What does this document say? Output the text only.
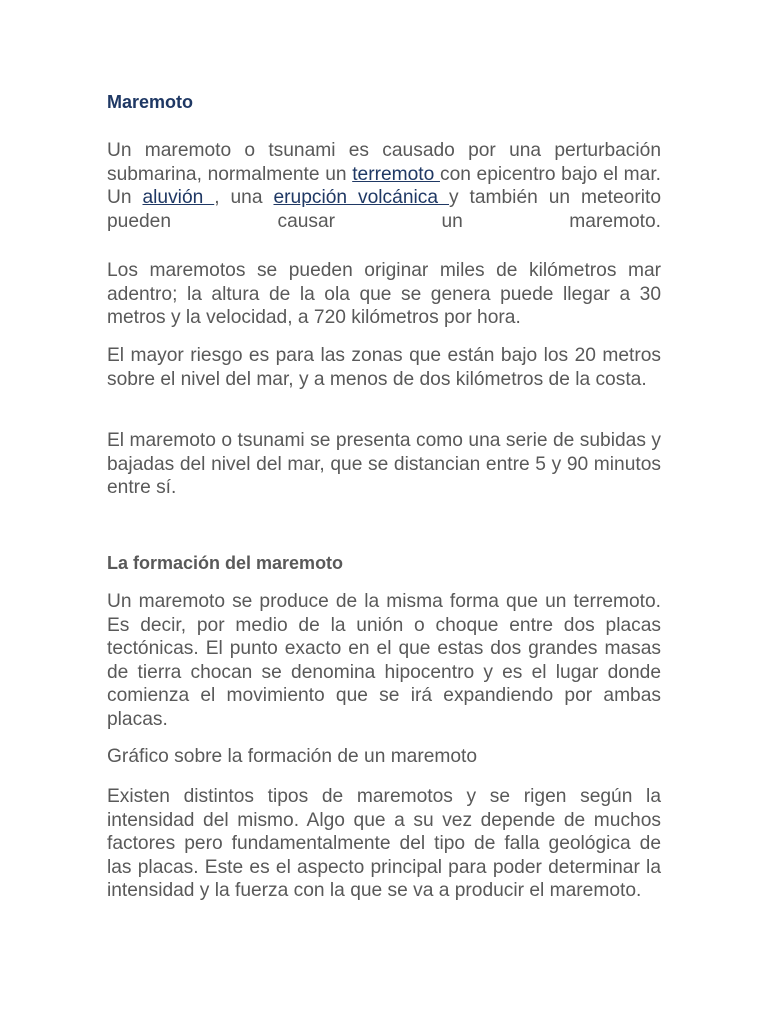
Maremoto

Un maremoto o tsunami es causado por una perturbación submarina, normalmente un terremoto con epicentro bajo el mar. Un aluvión , una erupción volcánica y también un meteorito pueden causar un maremoto.

Los maremotos se pueden originar miles de kilómetros mar adentro; la altura de la ola que se genera puede llegar a 30 metros y la velocidad, a 720 kilómetros por hora.

El mayor riesgo es para las zonas que están bajo los 20 metros sobre el nivel del mar, y a menos de dos kilómetros de la costa.

El maremoto o tsunami se presenta como una serie de subidas y bajadas del nivel del mar, que se distancian entre 5 y 90 minutos entre sí.

La formación del maremoto

Un maremoto se produce de la misma forma que un terremoto. Es decir, por medio de la unión o choque entre dos placas tectónicas. El punto exacto en el que estas dos grandes masas de tierra chocan se denomina hipocentro y es el lugar donde comienza el movimiento que se irá expandiendo por ambas placas.

Gráfico sobre la formación de un maremoto

Existen distintos tipos de maremotos y se rigen según la intensidad del mismo. Algo que a su vez depende de muchos factores pero fundamentalmente del tipo de falla geológica de las placas. Este es el aspecto principal para poder determinar la intensidad y la fuerza con la que se va a producir el maremoto.
